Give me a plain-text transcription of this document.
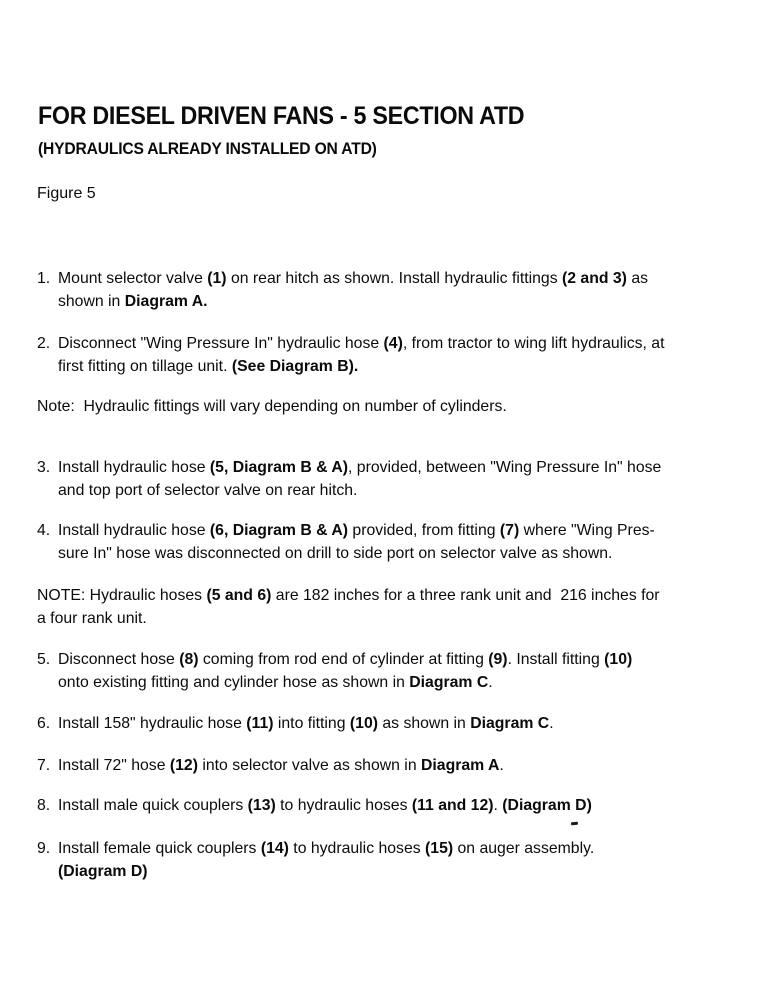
FOR DIESEL DRIVEN FANS - 5 SECTION ATD
(HYDRAULICS ALREADY INSTALLED ON ATD)
Figure 5
1. Mount selector valve (1) on rear hitch as shown. Install hydraulic fittings (2 and 3) as
shown in Diagram A.
2. Disconnect "Wing Pressure In" hydraulic hose (4), from tractor to wing lift hydraulics, at
first fitting on tillage unit. (See Diagram B).
Note:  Hydraulic fittings will vary depending on number of cylinders.
3. Install hydraulic hose (5, Diagram B & A), provided, between "Wing Pressure In" hose
and top port of selector valve on rear hitch.
4. Install hydraulic hose (6, Diagram B & A) provided, from fitting (7) where "Wing Pres-
sure In" hose was disconnected on drill to side port on selector valve as shown.
NOTE: Hydraulic hoses (5 and 6) are 182 inches for a three rank unit and  216 inches for
a four rank unit.
5. Disconnect hose (8) coming from rod end of cylinder at fitting (9). Install fitting (10)
onto existing fitting and cylinder hose as shown in Diagram C.
6. Install 158" hydraulic hose (11) into fitting (10) as shown in Diagram C.
7. Install 72" hose (12) into selector valve as shown in Diagram A.
8. Install male quick couplers (13) to hydraulic hoses (11 and 12). (Diagram D)
9. Install female quick couplers (14) to hydraulic hoses (15) on auger assembly.
(Diagram D)
